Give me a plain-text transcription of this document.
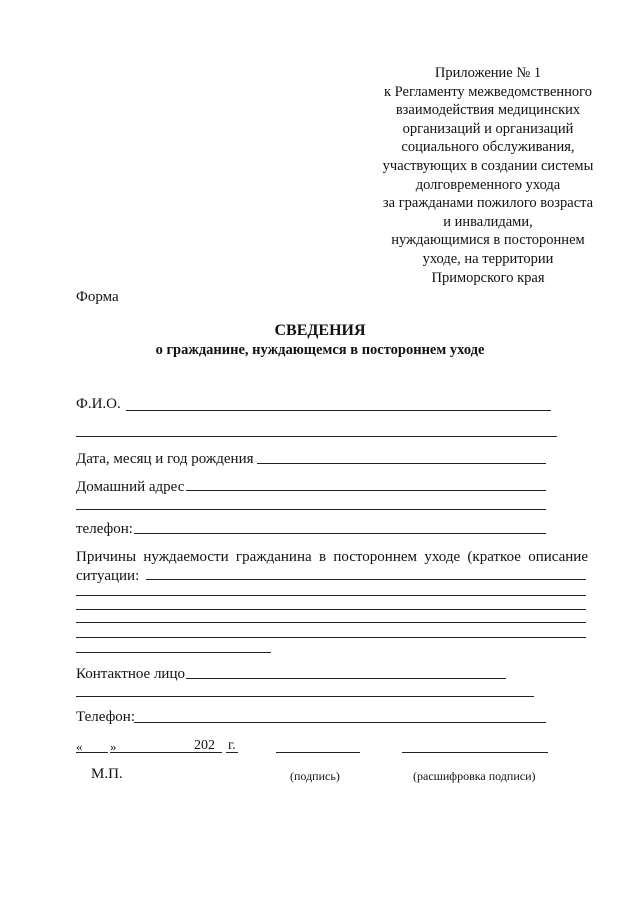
Приложение № 1
к Регламенту межведомственного
взаимодействия медицинских
организаций и организаций
социального обслуживания,
участвующих в создании системы
долговременного ухода
за гражданами пожилого возраста
и инвалидами,
нуждающимися в постороннем
уходе, на территории
Приморского края
Форма
СВЕДЕНИЯ
о гражданине, нуждающемся в постороннем уходе
Ф.И.О.
Дата, месяц и год рождения
Домашний адрес
телефон:
Причины нуждаемости гражданина в постороннем уходе (краткое описание
ситуации:
Контактное лицо
Телефон:
« »	202 г.
М.П.	(подпись)	(расшифровка подписи)
